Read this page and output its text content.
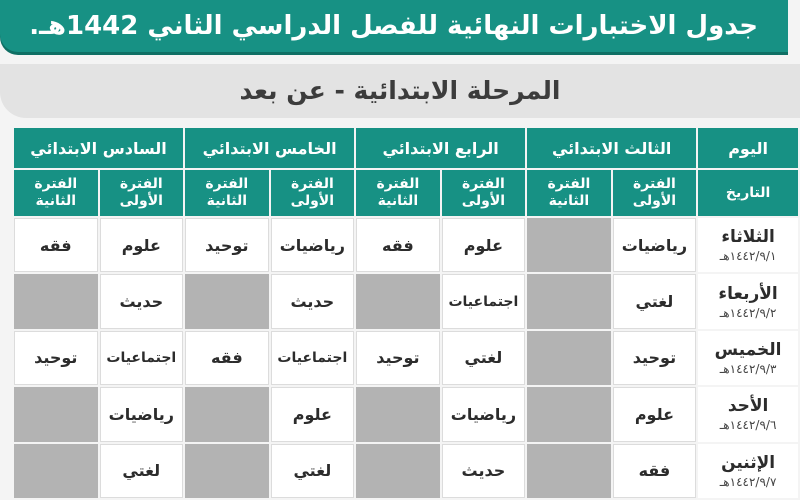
جدول الاختبارات النهائية للفصل الدراسي الثاني 1442هـ.
المرحلة الابتدائية - عن بعد
اليوم	الثالث الابتدائي		الرابع الابتدائي		الخامس الابتدائي		السادس الابتدائي	
التاريخ	الفترة الأولى	الفترة الثانية	الفترة الأولى	الفترة الثانية	الفترة الأولى	الفترة الثانية	الفترة الأولى	الفترة الثانية

الثلاثاء
١٤٤٢/٩/١هـ	رياضيات		علوم	فقه	رياضيات	توحيد	علوم	فقه

الأربعاء
١٤٤٢/٩/٢هـ	لغتي		اجتماعيات		حديث		حديث	

الخميس
١٤٤٢/٩/٣هـ	توحيد		لغتي	توحيد	اجتماعيات	فقه	اجتماعيات	توحيد

الأحد
١٤٤٢/٩/٦هـ	علوم		رياضيات		علوم		رياضيات	

الإثنين
١٤٤٢/٩/٧هـ	فقه		حديث		لغتي		لغتي	
